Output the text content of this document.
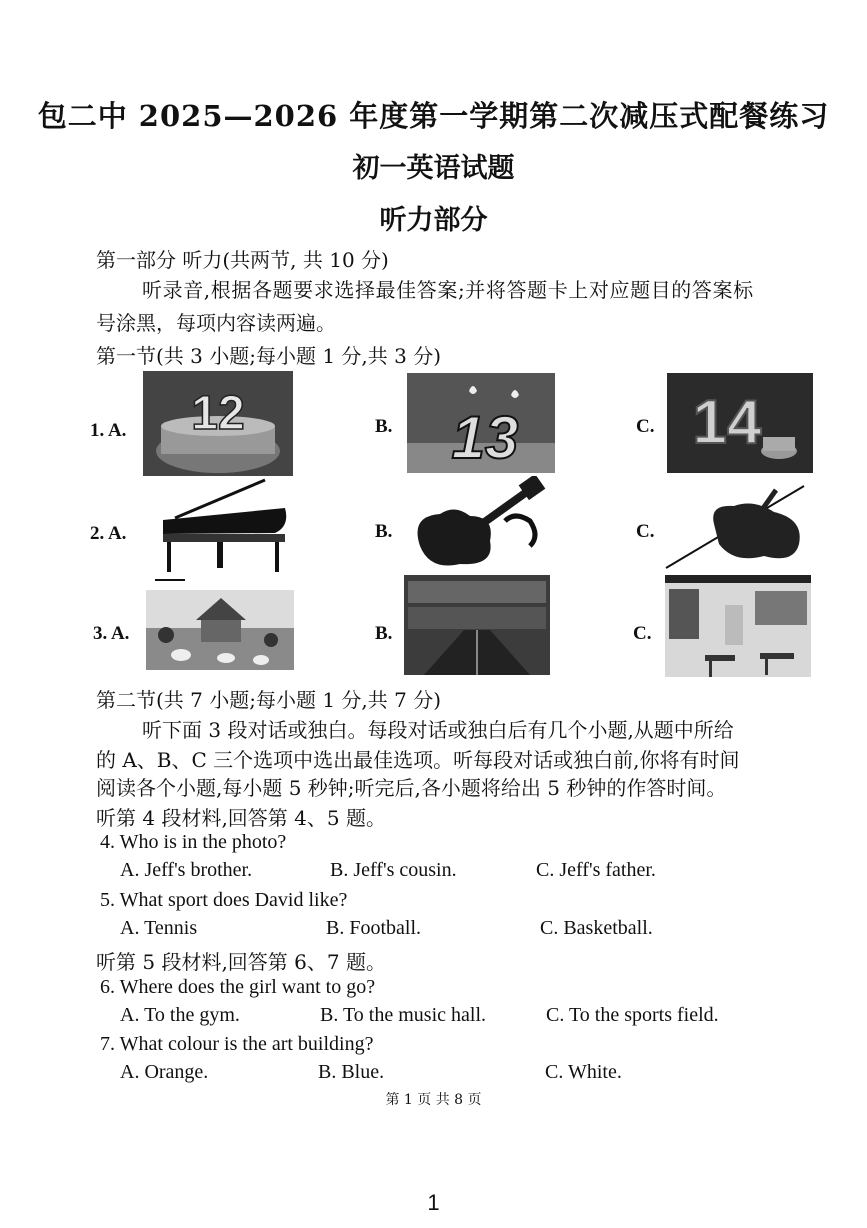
包二中 2025—2026 年度第一学期第二次减压式配餐练习
初一英语试题
听力部分
第一部分 听力(共两节, 共 10 分)
听录音,根据各题要求选择最佳答案;并将答题卡上对应题目的答案标
号涂黑，每项内容读两遍。
第一节(共 3 小题;每小题 1 分,共 3 分)
1. A. 12	B. 13	C. 14
2. A.	B.	C.
3. A.	B.	C.
第二节(共 7 小题;每小题 1 分,共 7 分)
听下面 3 段对话或独白。每段对话或独白后有几个小题,从题中所给
的 A、B、C 三个选项中选出最佳选项。听每段对话或独白前,你将有时间
阅读各个小题,每小题 5 秒钟;听完后,各小题将给出 5 秒钟的作答时间。
听第 4 段材料,回答第 4、5 题。
4. Who is in the photo?
A. Jeff's brother.	B. Jeff's cousin.	C. Jeff's father.
5. What sport does David like?
A. Tennis	B. Football.	C. Basketball.
听第 5 段材料,回答第 6、7 题。
6. Where does the girl want to go?
A. To the gym.	B. To the music hall.	C. To the sports field.
7. What colour is the art building?
A. Orange.	B. Blue.	C. White.
第 1 页 共 8 页
1
